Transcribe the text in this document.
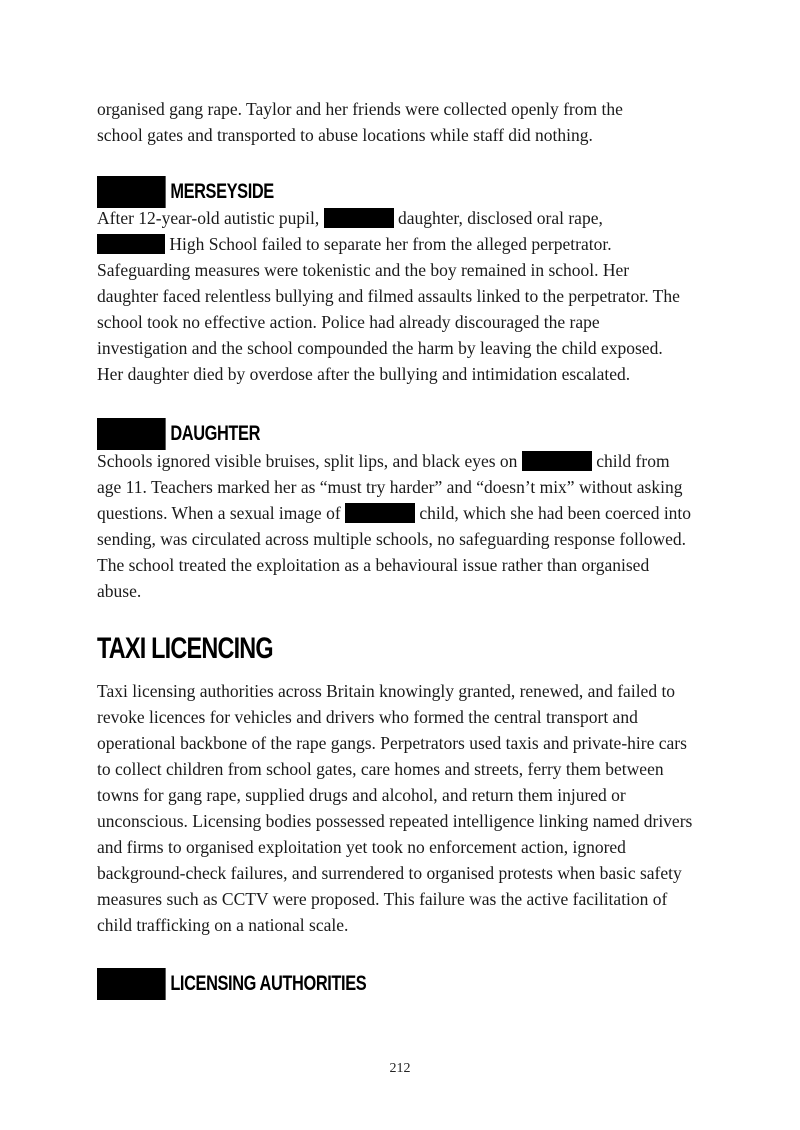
organised gang rape. Taylor and her friends were collected openly from the
school gates and transported to abuse locations while staff did nothing.

MERSEYSIDE

After 12-year-old autistic pupil,	daughter, disclosed oral rape,
High School failed to separate her from the alleged perpetrator. Safeguarding measures were tokenistic and the boy remained in school. Her daughter faced relentless bullying and filmed assaults linked to the perpetrator. The school took no effective action. Police had already discouraged the rape investigation and the school compounded the harm by leaving the child exposed. Her daughter died by overdose after the bullying and intimidation escalated.

DAUGHTER

Schools ignored visible bruises, split lips, and black eyes on	child from age 11. Teachers marked her as “must try harder” and “doesn’t mix” without asking questions. When a sexual image of	child, which she had been coerced into sending, was circulated across multiple schools, no safeguarding response followed. The school treated the exploitation as a behavioural issue rather than organised abuse.

TAXI LICENCING

Taxi licensing authorities across Britain knowingly granted, renewed, and failed to revoke licences for vehicles and drivers who formed the central transport and operational backbone of the rape gangs. Perpetrators used taxis and private-hire cars to collect children from school gates, care homes and streets, ferry them between towns for gang rape, supplied drugs and alcohol, and return them injured or unconscious. Licensing bodies possessed repeated intelligence linking named drivers and firms to organised exploitation yet took no enforcement action, ignored background-check failures, and surrendered to organised protests when basic safety measures such as CCTV were proposed. This failure was the active facilitation of child trafficking on a national scale.

LICENSING AUTHORITIES
212
